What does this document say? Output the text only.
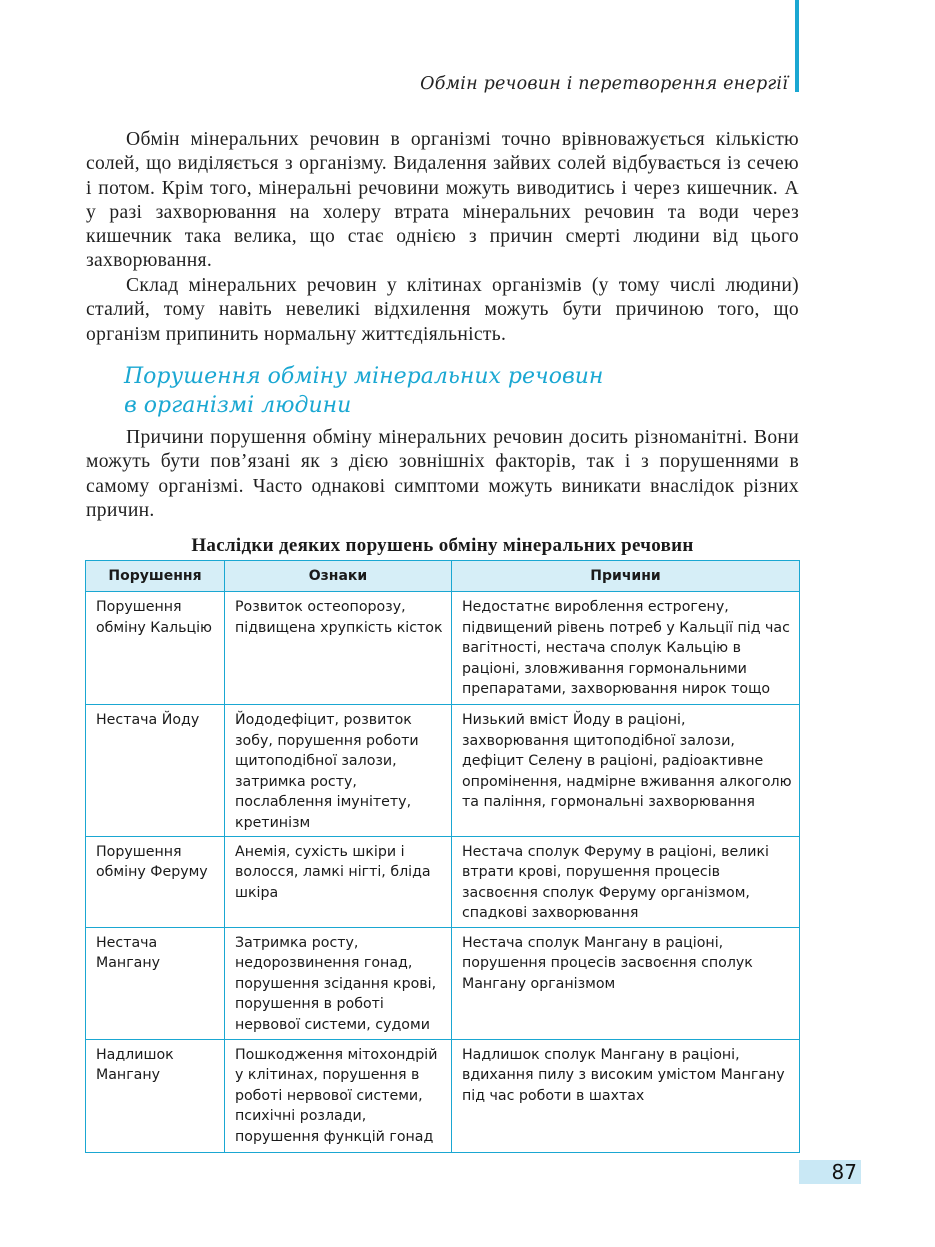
Обмін речовин і перетворення енергії

Обмін мінеральних речовин в організмі точно врівноважується кількістю солей, що виділяється з організму. Видалення зайвих солей відбувається із сечею і потом. Крім того, мінеральні речовини можуть виводитись і через кишечник. А у разі захворювання на холеру втрата мінеральних речовин та води через кишечник така велика, що стає однією з причин смерті людини від цього захворювання.

Склад мінеральних речовин у клітинах організмів (у тому числі людини) сталий, тому навіть невеликі відхилення можуть бути причиною того, що організм припинить нормальну життєдіяльність.

Порушення обміну мінеральних речовин
в організмі людини

Причини порушення обміну мінеральних речовин досить різноманітні. Вони можуть бути пов’язані як з дією зовнішніх факторів, так і з порушеннями в самому організмі. Часто однакові симптоми можуть виникати внаслідок різних причин.

Наслідки деяких порушень обміну мінеральних речовин
Порушення	Ознаки	Причини
Порушення обміну Кальцію	Розвиток остеопорозу, підвищена хрупкість кісток	Недостатнє вироблення естрогену, підвищений рівень потреб у Кальції під час вагітності, нестача сполук Кальцію в раціоні, зловживання гормональними препаратами, захворювання нирок тощо
Нестача Йоду	Йододефіцит, розвиток зобу, порушення роботи щитоподібної залози, затримка росту, послаблення імунітету, кретинізм	Низький вміст Йоду в раціоні, захворювання щитоподібної залози, дефіцит Селену в раціоні, радіоактивне опромінення, надмірне вживання алкоголю та паління, гормональні захворювання
Порушення обміну Феруму	Анемія, сухість шкіри і волосся, ламкі нігті, бліда шкіра	Нестача сполук Феруму в раціоні, великі втрати крові, порушення процесів засвоєння сполук Феруму організмом, спадкові захворювання
Нестача Мангану	Затримка росту, недорозвинення гонад, порушення зсідання крові, порушення в роботі нервової системи, судоми	Нестача сполук Мангану в раціоні, порушення процесів засвоєння сполук Мангану організмом
Надлишок Мангану	Пошкодження мітохондрій у клітинах, порушення в роботі нервової системи, психічні розлади, порушення функцій гонад	Надлишок сполук Мангану в раціоні, вдихання пилу з високим умістом Мангану під час роботи в шахтах
87
